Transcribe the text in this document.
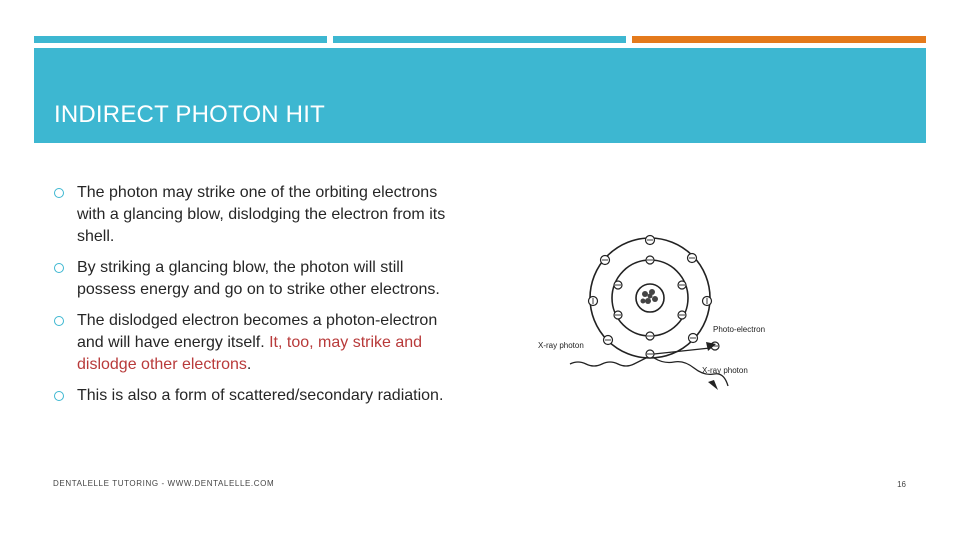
INDIRECT PHOTON HIT
The photon may strike one of the orbiting electrons with a glancing blow, dislodging the electron from its shell.
By striking a glancing blow, the photon will still possess energy and go on to strike other electrons.
The dislodged electron becomes a photon-electron and will have energy itself. It, too, may strike and dislodge other electrons.
This is also a form of scattered/secondary radiation.
X-ray photon
Photo-electron
X-ray photon
DENTALELLE TUTORING - WWW.DENTALELLE.COM	16
